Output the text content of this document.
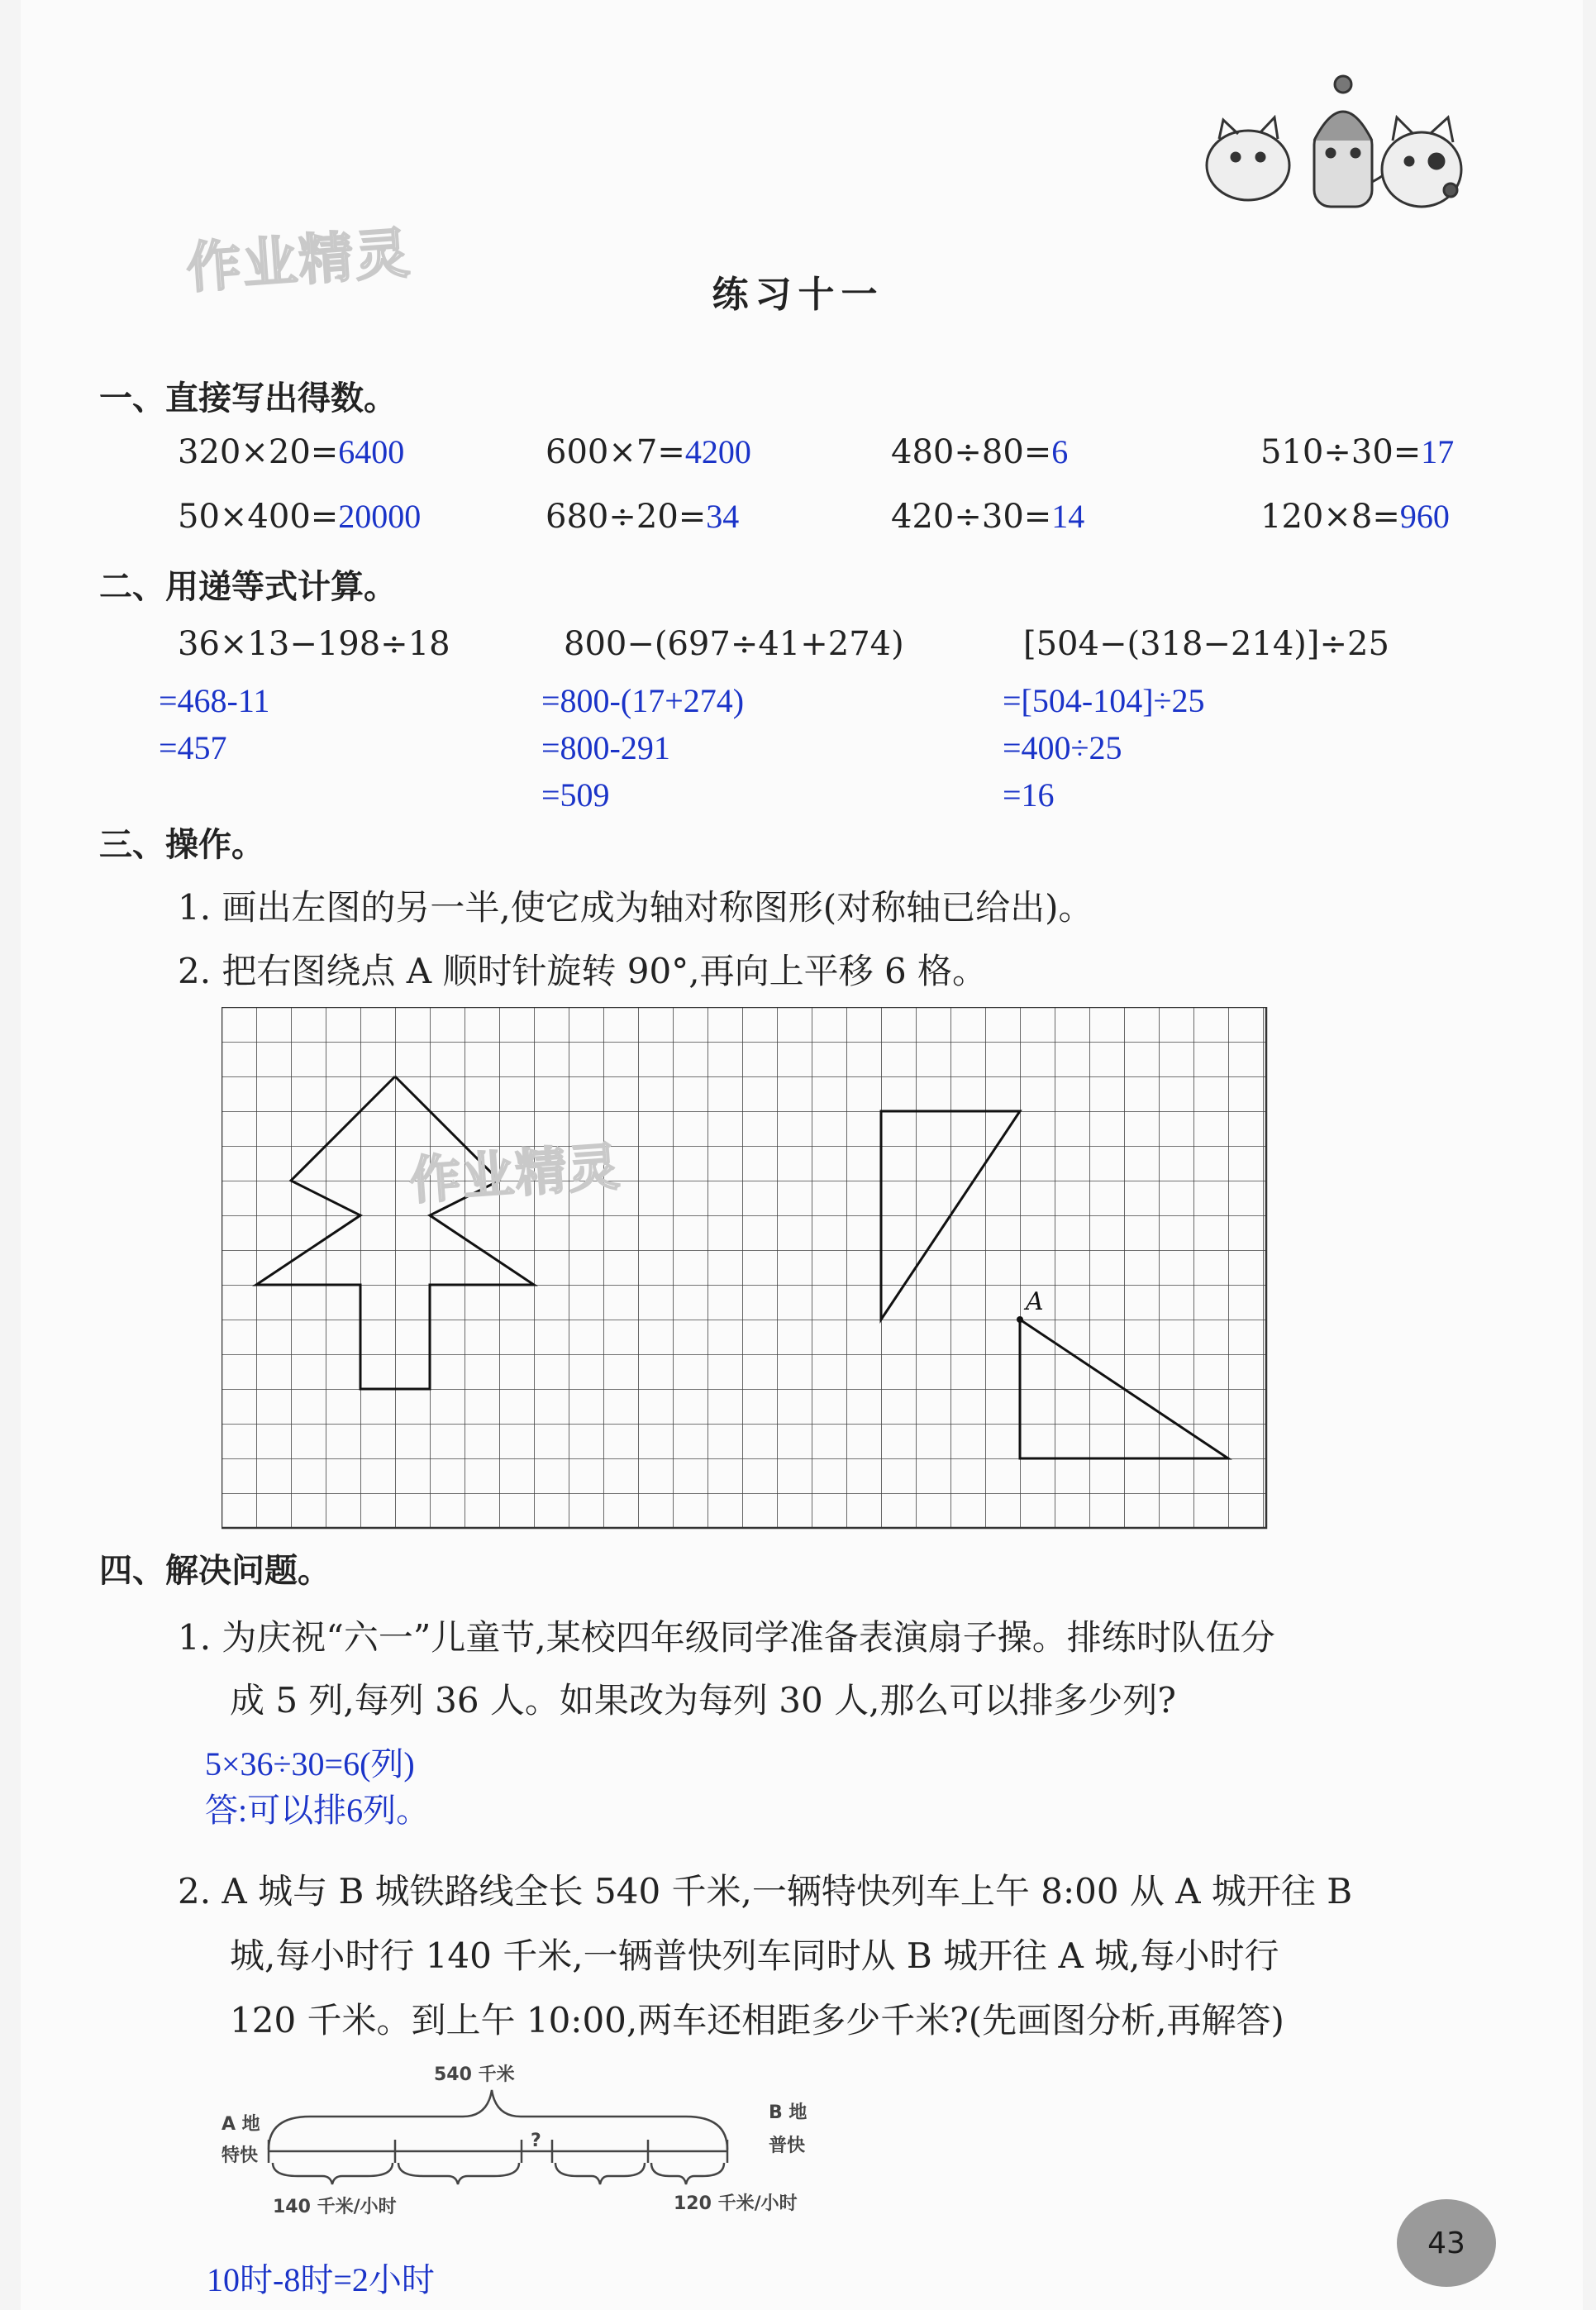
作业精灵	练习十一
一、直接写出得数。
320×20=6400	600×7=4200	480÷80=6	510÷30=17
50×400=20000	680÷20=34	420÷30=14	120×8=960
二、用递等式计算。
36×13−198÷18
=468-11
=457
800−(697÷41+274)
=800-(17+274)
=800-291
=509
[504−(318−214)]÷25
=[504-104]÷25
=400÷25
=16
三、操作。
1. 画出左图的另一半,使它成为轴对称图形(对称轴已给出)。
2. 把右图绕点 A 顺时针旋转 90°,再向上平移 6 格。
A
作业精灵
四、解决问题。
1. 为庆祝“六一”儿童节,某校四年级同学准备表演扇子操。排练时队伍分
成 5 列,每列 36 人。如果改为每列 30 人,那么可以排多少列?
5×36÷30=6(列)
答:可以排6列。
2. A 城与 B 城铁路线全长 540 千米,一辆特快列车上午 8:00 从 A 城开往 B
城,每小时行 140 千米,一辆普快列车同时从 B 城开往 A 城,每小时行
120 千米。到上午 10:00,两车还相距多少千米?(先画图分析,再解答)
540 千米
A 地
特快
B 地
普快
?
140 千米/小时	120 千米/小时
10时-8时=2小时
43
